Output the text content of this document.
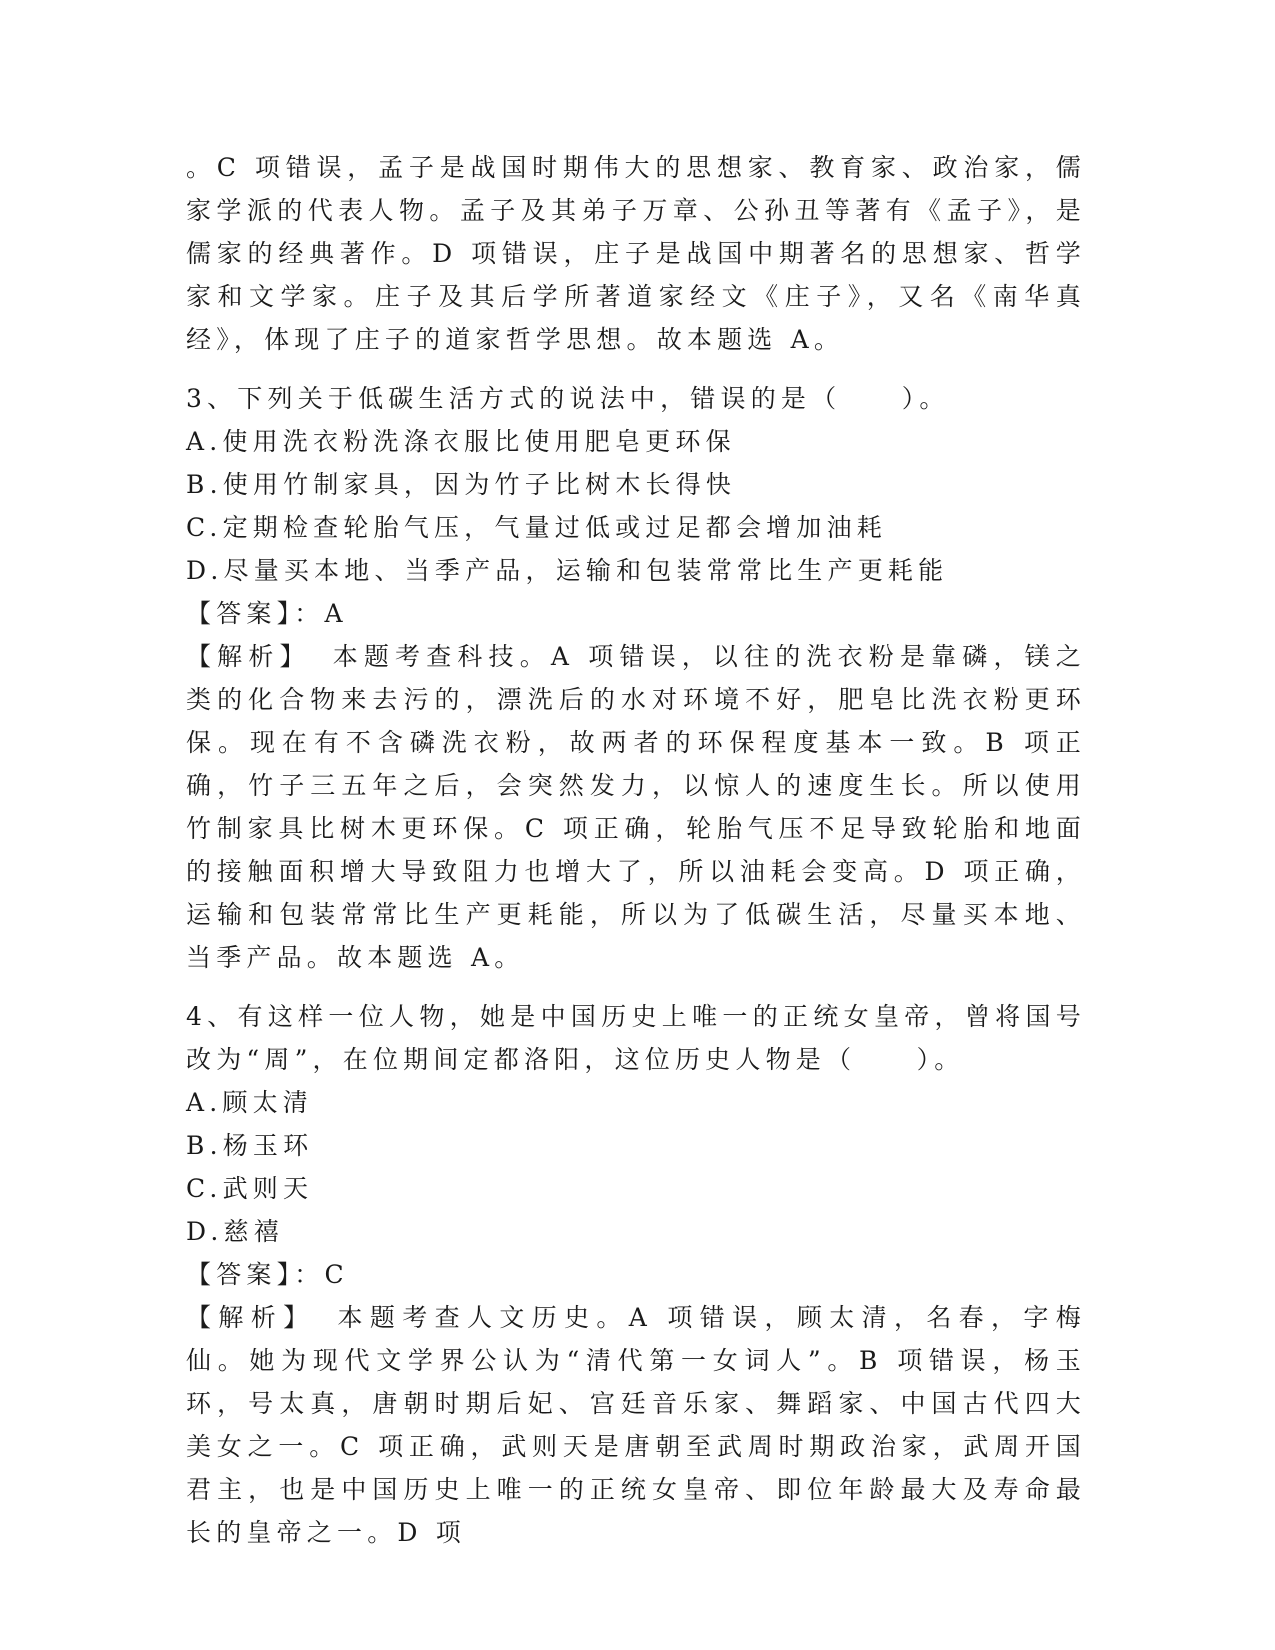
。C 项错误，孟子是战国时期伟大的思想家、教育家、政治家，儒家学派的代表人物。孟子及其弟子万章、公孙丑等著有《孟子》，是儒家的经典著作。D 项错误，庄子是战国中期著名的思想家、哲学家和文学家。庄子及其后学所著道家经文《庄子》，又名《南华真经》，体现了庄子的道家哲学思想。故本题选 A。

3、下列关于低碳生活方式的说法中，错误的是（　　）。

A.使用洗衣粉洗涤衣服比使用肥皂更环保

B.使用竹制家具，因为竹子比树木长得快

C.定期检查轮胎气压，气量过低或过足都会增加油耗

D.尽量买本地、当季产品，运输和包装常常比生产更耗能

【答案】：A

【解析】 本题考查科技。A 项错误，以往的洗衣粉是靠磷，镁之类的化合物来去污的，漂洗后的水对环境不好，肥皂比洗衣粉更环保。现在有不含磷洗衣粉，故两者的环保程度基本一致。B 项正确，竹子三五年之后，会突然发力，以惊人的速度生长。所以使用竹制家具比树木更环保。C 项正确，轮胎气压不足导致轮胎和地面的接触面积增大导致阻力也增大了，所以油耗会变高。D 项正确，运输和包装常常比生产更耗能，所以为了低碳生活，尽量买本地、当季产品。故本题选 A。

4、有这样一位人物，她是中国历史上唯一的正统女皇帝，曾将国号改为“周”，在位期间定都洛阳，这位历史人物是（　　）。

A.顾太清

B.杨玉环

C.武则天

D.慈禧

【答案】：C

【解析】 本题考查人文历史。A 项错误，顾太清，名春，字梅仙。她为现代文学界公认为“清代第一女词人”。B 项错误，杨玉环，号太真，唐朝时期后妃、宫廷音乐家、舞蹈家、中国古代四大美女之一。C 项正确，武则天是唐朝至武周时期政治家，武周开国君主，也是中国历史上唯一的正统女皇帝、即位年龄最大及寿命最长的皇帝之一。D 项
